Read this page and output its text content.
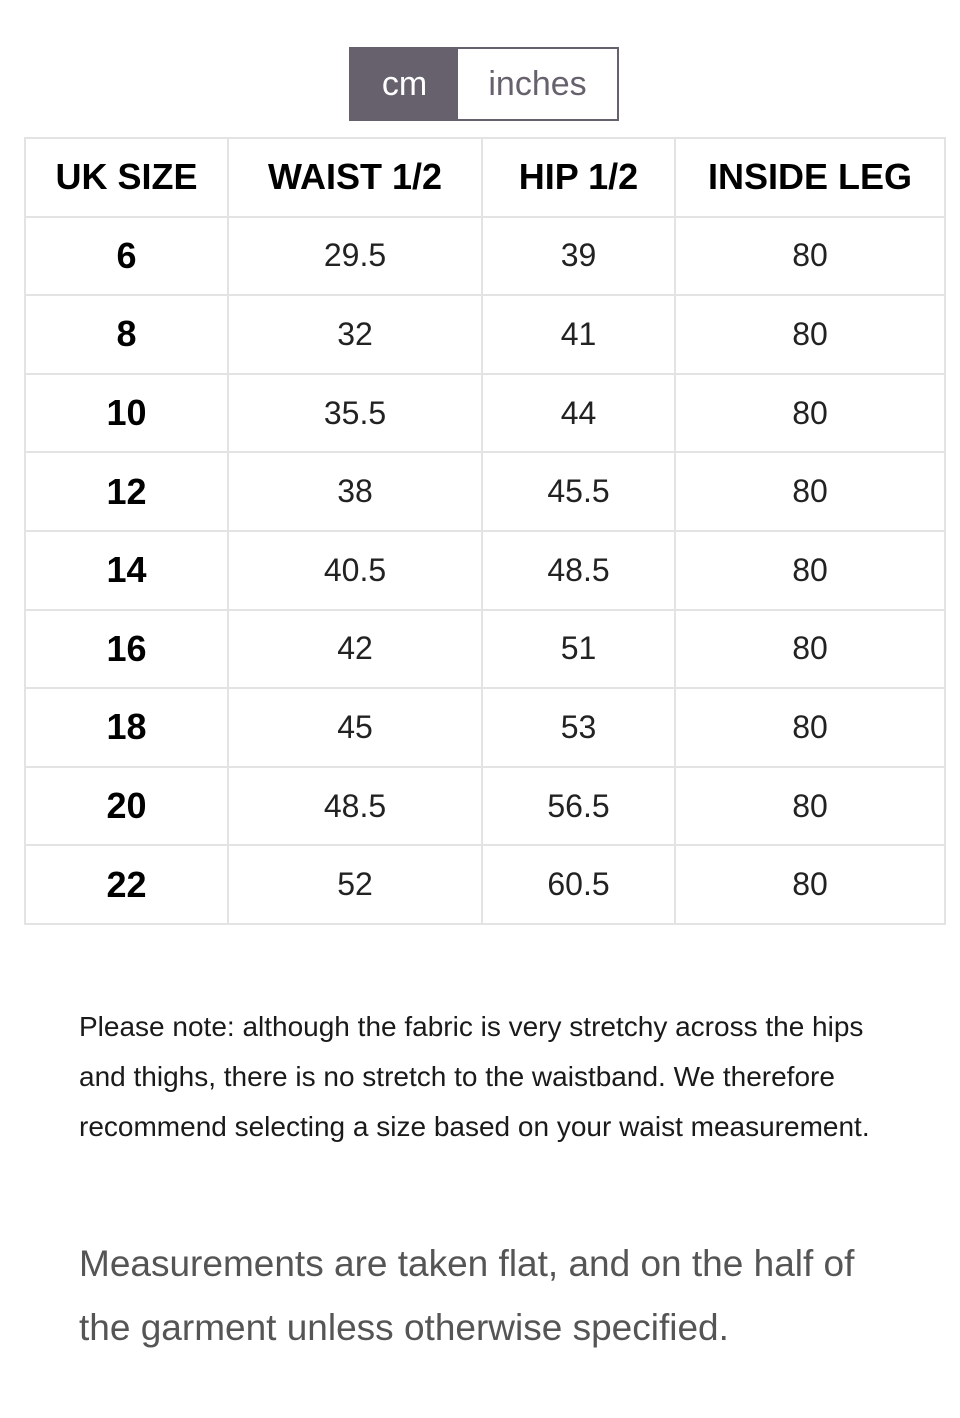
cm	inches
UK SIZE	WAIST 1/2	HIP 1/2	INSIDE LEG
6	29.5	39	80
8	32	41	80
10	35.5	44	80
12	38	45.5	80
14	40.5	48.5	80
16	42	51	80
18	45	53	80
20	48.5	56.5	80
22	52	60.5	80

Please note: although the fabric is very stretchy across the hips and thighs, there is no stretch to the waistband. We therefore recommend selecting a size based on your waist measurement.

Measurements are taken flat, and on the half of the garment unless otherwise specified.
